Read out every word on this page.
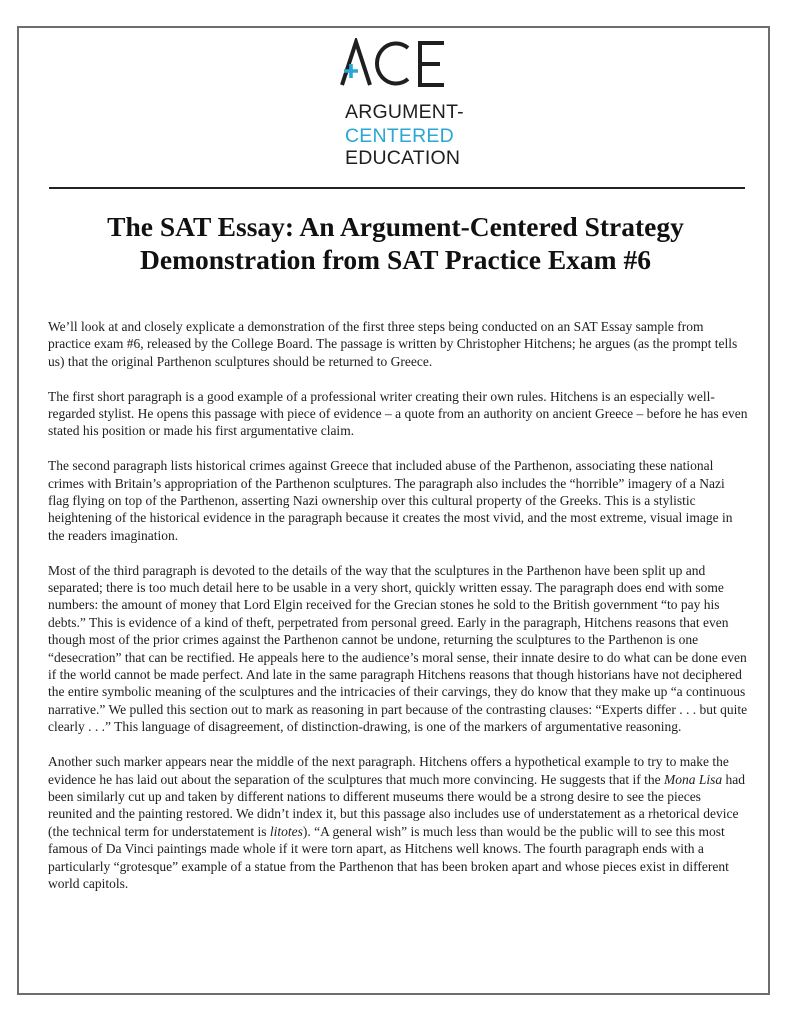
ARGUMENT-
CENTERED
EDUCATION
The SAT Essay: An Argument-Centered Strategy Demonstration from SAT Practice Exam #6

We’ll look at and closely explicate a demonstration of the first three steps being conducted on an SAT Essay sample from practice exam #6, released by the College Board. The passage is written by Christopher Hitchens; he argues (as the prompt tells us) that the original Parthenon sculptures should be returned to Greece.

The first short paragraph is a good example of a professional writer creating their own rules. Hitchens is an especially well-regarded stylist. He opens this passage with piece of evidence – a quote from an authority on ancient Greece – before he has even stated his position or made his first argumentative claim.

The second paragraph lists historical crimes against Greece that included abuse of the Parthenon, associating these national crimes with Britain’s appropriation of the Parthenon sculptures. The paragraph also includes the “horrible” imagery of a Nazi flag flying on top of the Parthenon, asserting Nazi ownership over this cultural property of the Greeks. This is a stylistic heightening of the historical evidence in the paragraph because it creates the most vivid, and the most extreme, visual image in the readers imagination.

Most of the third paragraph is devoted to the details of the way that the sculptures in the Parthenon have been split up and separated; there is too much detail here to be usable in a very short, quickly written essay. The paragraph does end with some numbers: the amount of money that Lord Elgin received for the Grecian stones he sold to the British government “to pay his debts.” This is evidence of a kind of theft, perpetrated from personal greed. Early in the paragraph, Hitchens reasons that even though most of the prior crimes against the Parthenon cannot be undone, returning the sculptures to the Parthenon is one “desecration” that can be rectified. He appeals here to the audience’s moral sense, their innate desire to do what can be done even if the world cannot be made perfect. And late in the same paragraph Hitchens reasons that though historians have not deciphered the entire symbolic meaning of the sculptures and the intricacies of their carvings, they do know that they make up “a continuous narrative.” We pulled this section out to mark as reasoning in part because of the contrasting clauses: “Experts differ . . . but quite clearly . . .” This language of disagreement, of distinction-drawing, is one of the markers of argumentative reasoning.

Another such marker appears near the middle of the next paragraph. Hitchens offers a hypothetical example to try to make the evidence he has laid out about the separation of the sculptures that much more convincing. He suggests that if the Mona Lisa had been similarly cut up and taken by different nations to different museums there would be a strong desire to see the pieces reunited and the painting restored. We didn’t index it, but this passage also includes use of understatement as a rhetorical device (the technical term for understatement is litotes). “A general wish” is much less than would be the public will to see this most famous of Da Vinci paintings made whole if it were torn apart, as Hitchens well knows. The fourth paragraph ends with a particularly “grotesque” example of a statue from the Parthenon that has been broken apart and whose pieces exist in different world capitols.
